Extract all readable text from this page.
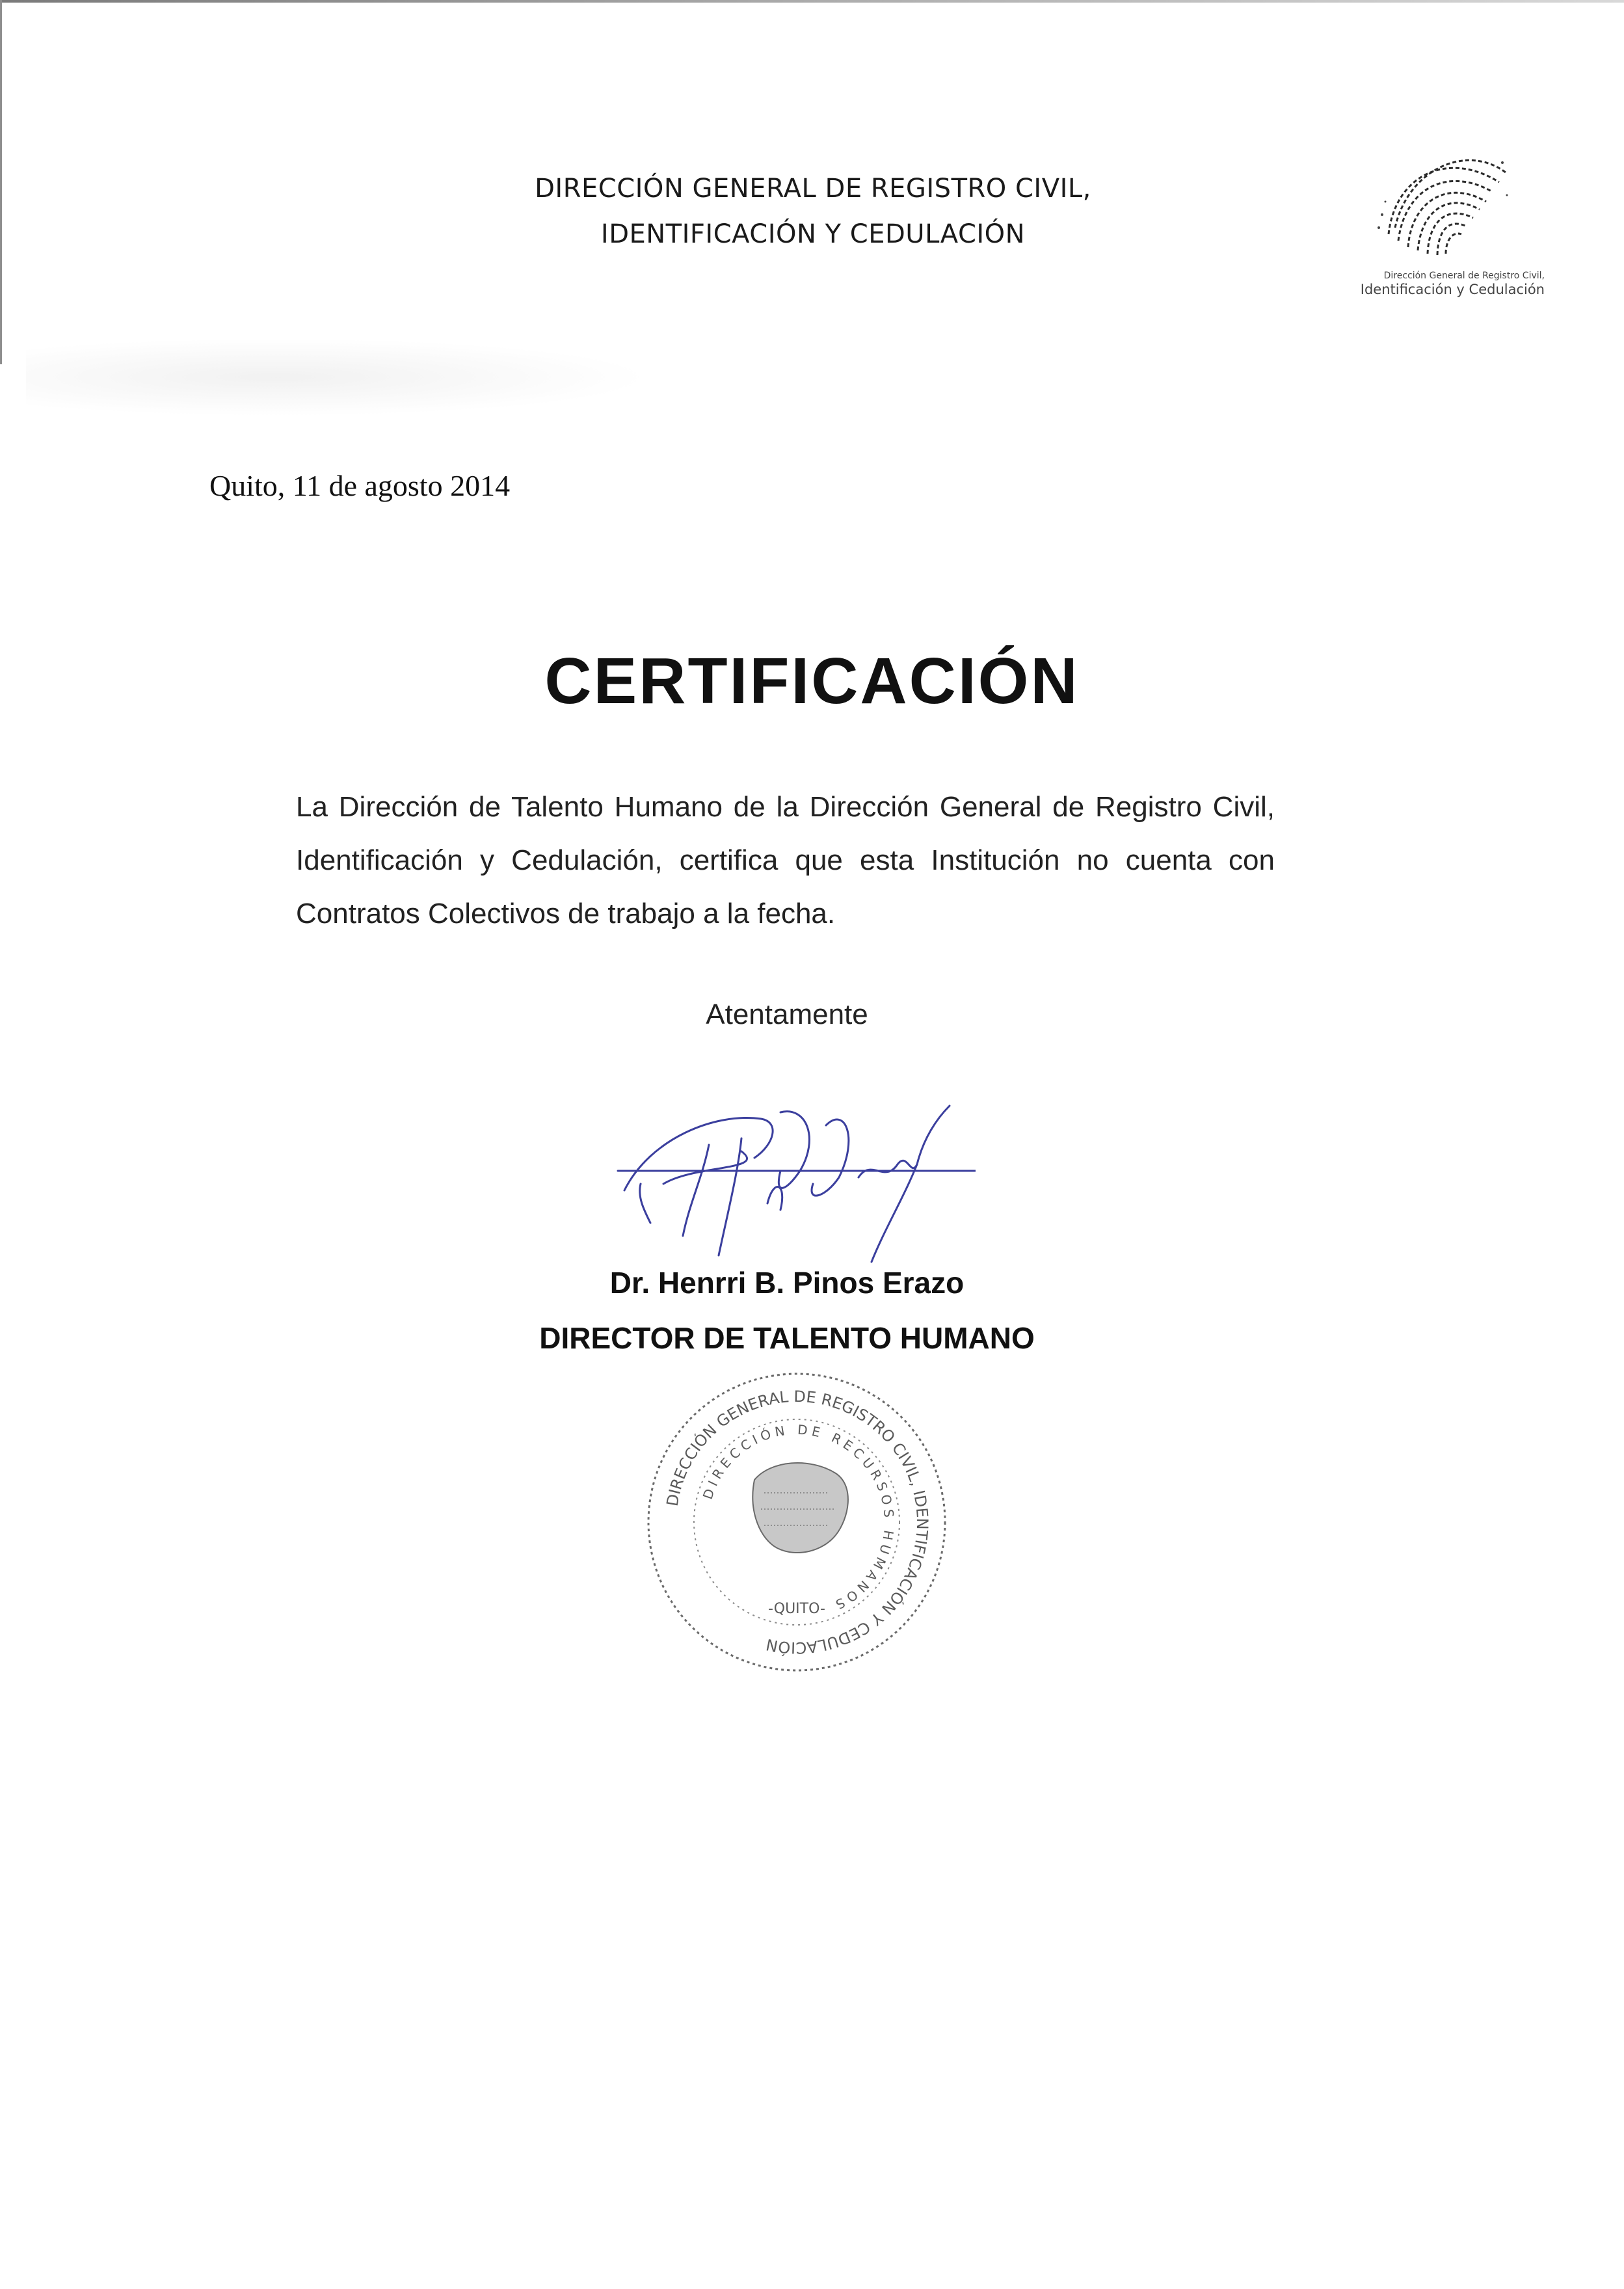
DIRECCIÓN GENERAL DE REGISTRO CIVIL,
IDENTIFICACIÓN Y CEDULACIÓN
Dirección General de Registro Civil,
Identificación y Cedulación
Quito, 11 de agosto 2014
CERTIFICACIÓN
La Dirección de Talento Humano de la Dirección General de Registro Civil, Identificación y Cedulación, certifica que esta Institución no cuenta con Contratos Colectivos de trabajo a la fecha.
Atentamente
Dr. Henrri B. Pinos Erazo
DIRECTOR DE TALENTO HUMANO
DIRECCIÓN GENERAL DE REGISTRO CIVIL, IDENTIFICACIÓN Y CEDULACIÓN
DIRECCIÓN DE RECURSOS HUMANOS
-QUITO-
